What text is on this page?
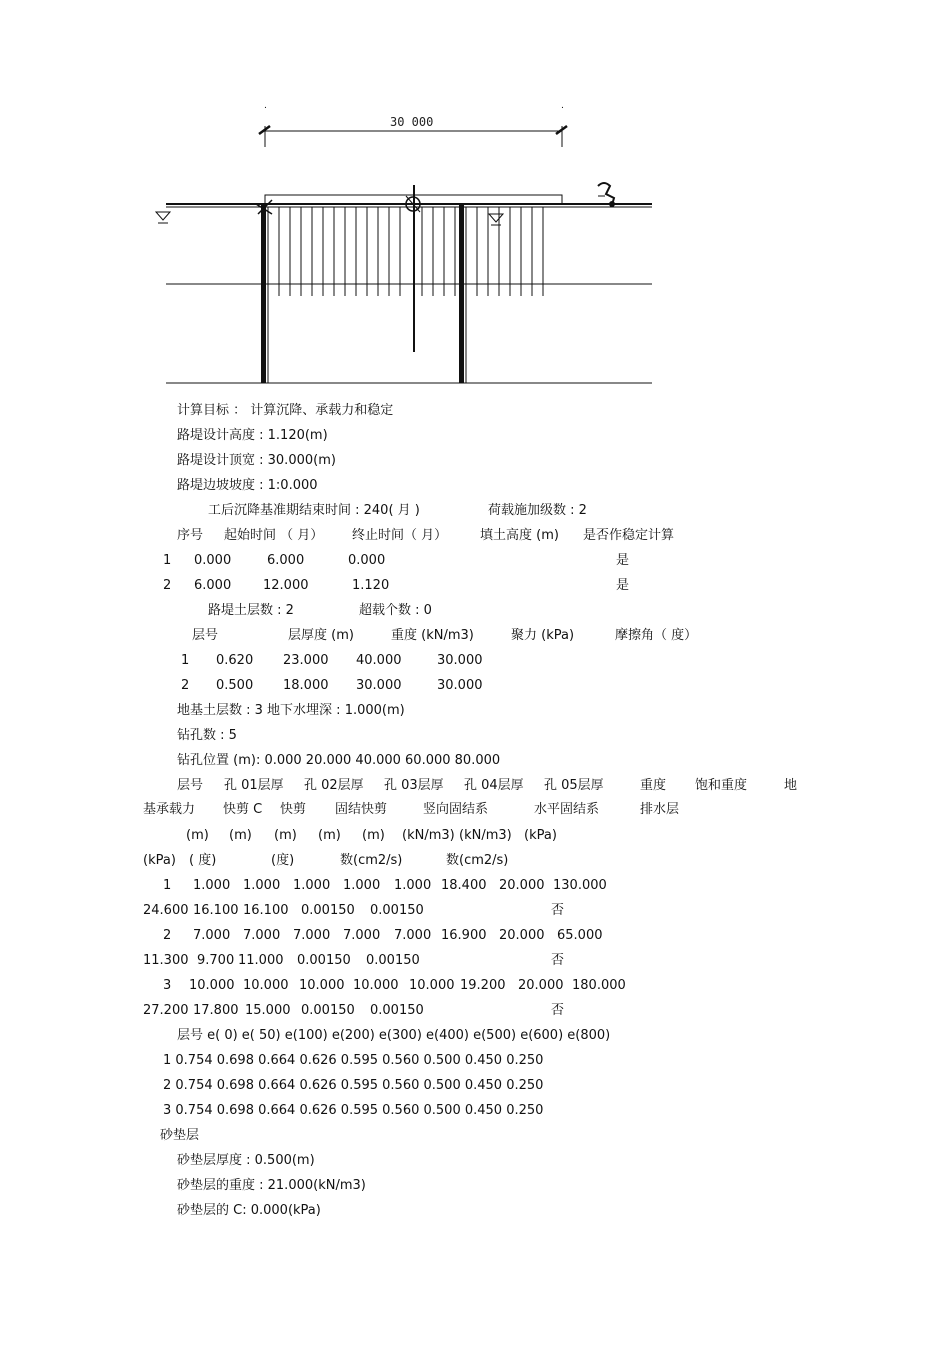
.	.
30 000
计算目标 ： 计算沉降、承载力和稳定
路堤设计高度 : 1.120(m)
路堤设计顶宽 : 30.000(m)
路堤边坡坡度 : 1:0.000
工后沉降基准期结束时间 : 240( 月 )	荷载施加级数 : 2
序号 起始时间 （ 月） 终止时间（ 月）	填土高度 (m) 是否作稳定计算
1 0.000	6.000	0.000	是
2 6.000 12.000	1.120	是
路堤土层数 : 2	超载个数 : 0
层号	层厚度 (m)	重度 (kN/m3)	聚力 (kPa)	摩擦角（ 度）
1 0.620 23.000 40.000	30.000
2 0.500 18.000 30.000	30.000
地基土层数 : 3 地下水埋深 : 1.000(m)
钻孔数 : 5
钻孔位置 (m): 0.000 20.000 40.000 60.000 80.000
层号 孔 01层厚 孔 02层厚 孔 03层厚 孔 04层厚 孔 05层厚	重度 饱和重度	地
基承载力 快剪 C 快剪 固结快剪	竖向固结系	水平固结系	排水层
(m) (m) (m) (m) (m) (kN/m3) (kN/m3) (kPa)
(kPa) ( 度)	(度)	数(cm2/s)	数(cm2/s)
1 1.000 1.000 1.000 1.000 1.000 18.400 20.000 130.000
24.600 16.100 16.100 0.00150 0.00150	否
2 7.000 7.000 7.000 7.000 7.000 16.900 20.000 65.000
11.300 9.700 11.000 0.00150 0.00150	否
3 10.000 10.000 10.000 10.000 10.000 19.200 20.000 180.000
27.200 17.800 15.000 0.00150 0.00150	否
层号 e( 0) e( 50) e(100) e(200) e(300) e(400) e(500) e(600) e(800)
1 0.754 0.698 0.664 0.626 0.595 0.560 0.500 0.450 0.250
2 0.754 0.698 0.664 0.626 0.595 0.560 0.500 0.450 0.250
3 0.754 0.698 0.664 0.626 0.595 0.560 0.500 0.450 0.250
砂垫层
砂垫层厚度 : 0.500(m)
砂垫层的重度 : 21.000(kN/m3)
砂垫层的 C: 0.000(kPa)
